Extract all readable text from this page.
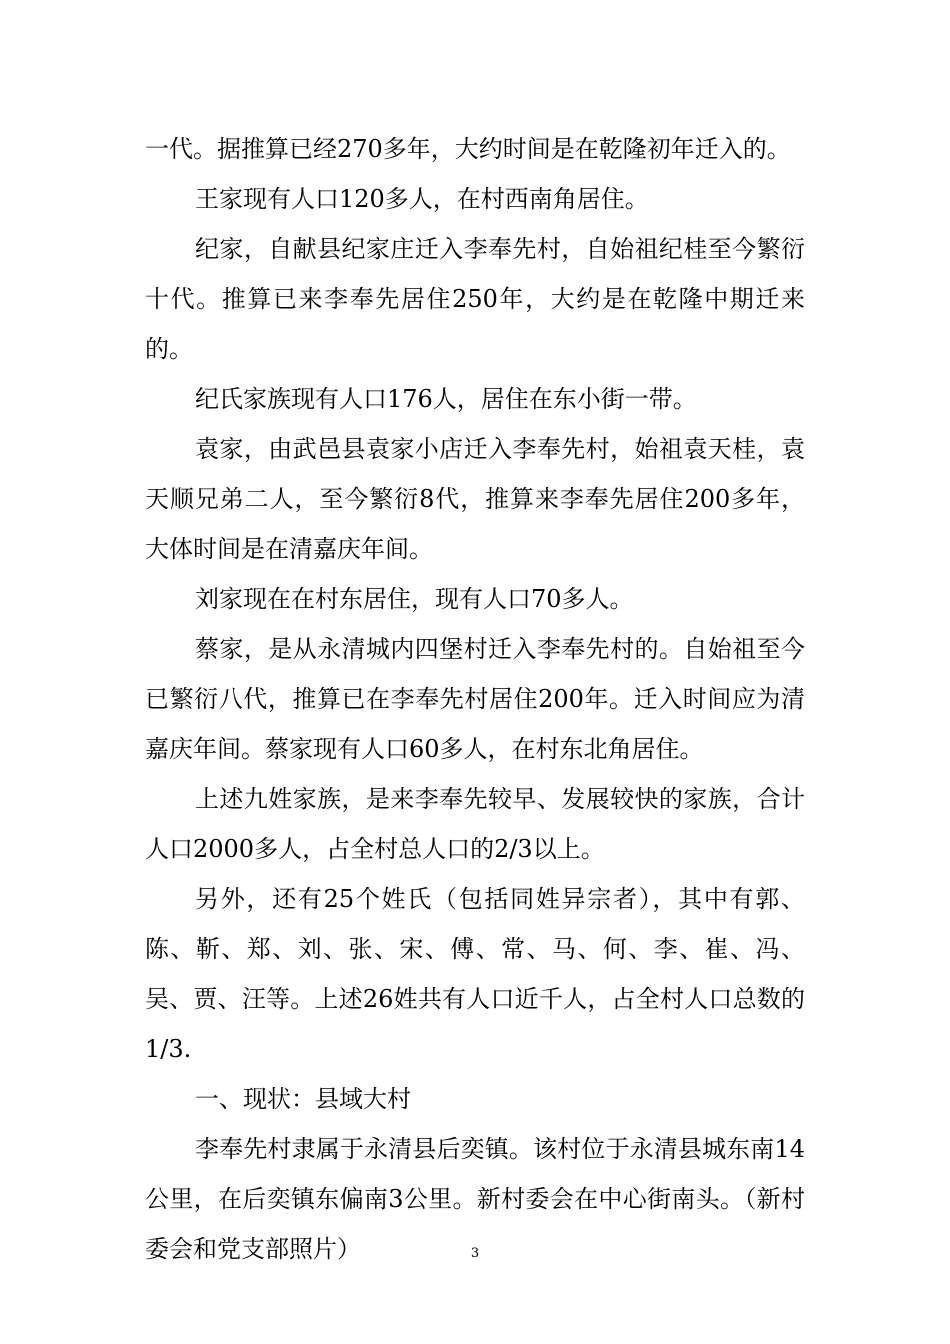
一代。据推算已经270多年，大约时间是在乾隆初年迁入的。

王家现有人口120多人，在村西南角居住。

纪家，自献县纪家庄迁入李奉先村，自始祖纪桂至今繁衍十代。推算已来李奉先居住250年，大约是在乾隆中期迁来的。

纪氏家族现有人口176人，居住在东小街一带。

袁家，由武邑县袁家小店迁入李奉先村，始祖袁天桂，袁天顺兄弟二人，至今繁衍8代，推算来李奉先居住200多年，大体时间是在清嘉庆年间。

刘家现在在村东居住，现有人口70多人。

蔡家，是从永清城内四堡村迁入李奉先村的。自始祖至今已繁衍八代，推算已在李奉先村居住200年。迁入时间应为清嘉庆年间。蔡家现有人口60多人，在村东北角居住。

上述九姓家族，是来李奉先较早、发展较快的家族，合计人口2000多人，占全村总人口的2/3以上。

另外，还有25个姓氏（包括同姓异宗者），其中有郭、陈、靳、郑、刘、张、宋、傅、常、马、何、李、崔、冯、吴、贾、汪等。上述26姓共有人口近千人，占全村人口总数的1/3.

一、现状：县域大村

李奉先村隶属于永清县后奕镇。该村位于永清县城东南14公里，在后奕镇东偏南3公里。新村委会在中心街南头。（新村委会和党支部照片）	3
